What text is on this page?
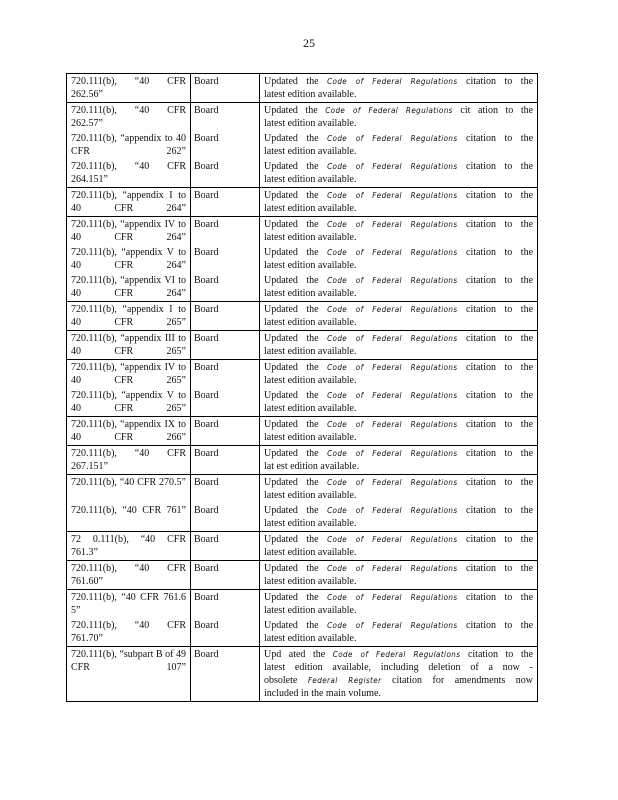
25
720.111(b), “40 CFR 262.56”	Board	Updated the Code of Federal Regulations citation to the
latest edition available.

720.111(b), “40 CFR 262.57”	Board	Updated the Code of Federal Regulations cit ation to the
latest edition available.

720.111(b), “appendix to 40 CFR 262”	Board	Updated the Code of Federal Regulations citation to the
latest edition available.

720.111(b), “40 CFR 264.151”	Board	Updated the Code of Federal Regulations citation to the
latest edition available.

720.111(b), “appendix I to 40 CFR 264”	Board	Updated the Code of Federal Regulations citation to the
latest edition available.

720.111(b), “appendix IV to 40 CFR 264”	Board	Updated the Code of Federal Regulations citation to the
latest edition available.

720.111(b), “appendix V to 40 CFR 264”	Board	Updated the Code of Federal Regulations citation to the
latest edition available.

720.111(b), “appendix VI to 40 CFR 264”	Board	Updated the Code of Federal Regulations citation to the
latest edition available.

720.111(b), “appendix I to 40 CFR 265”	Board	Updated the Code of Federal Regulations citation to the
latest edition available.

720.111(b), “appendix III to 40 CFR 265”	Board	Updated the Code of Federal Regulations citation to the
latest edition available.

720.111(b), “appendix IV to 40 CFR 265”	Board	Updated the Code of Federal Regulations citation to the
latest edition available.

720.111(b), “appendix V to 40 CFR 265”	Board	Updated the Code of Federal Regulations citation to the
latest edition available.

720.111(b), “appendix IX to 40 CFR 266”	Board	Updated the Code of Federal Regulations citation to the
latest edition available.

720.111(b), “40 CFR 267.151”	Board	Updated the Code of Federal Regulations citation to the
lat est edition available.

720.111(b), “40 CFR 270.5”	Board	Updated the Code of Federal Regulations citation to the
latest edition available.

720.111(b), “40 CFR 761”	Board	Updated the Code of Federal Regulations citation to the
latest edition available.

72 0.111(b), “40 CFR 761.3”	Board	Updated the Code of Federal Regulations citation to the
latest edition available.

720.111(b), “40 CFR 761.60”	Board	Updated the Code of Federal Regulations citation to the
latest edition available.

720.111(b), “40 CFR 761.6 5”	Board	Updated the Code of Federal Regulations citation to the
latest edition available.

720.111(b), “40 CFR 761.70”	Board	Updated the Code of Federal Regulations citation to the
latest edition available.

720.111(b), “subpart B of 49 CFR 107”	Board	Upd ated the Code of Federal Regulations citation to the
latest edition available, including deletion of a now -
obsolete Federal Register citation for amendments now
included in the main volume.
